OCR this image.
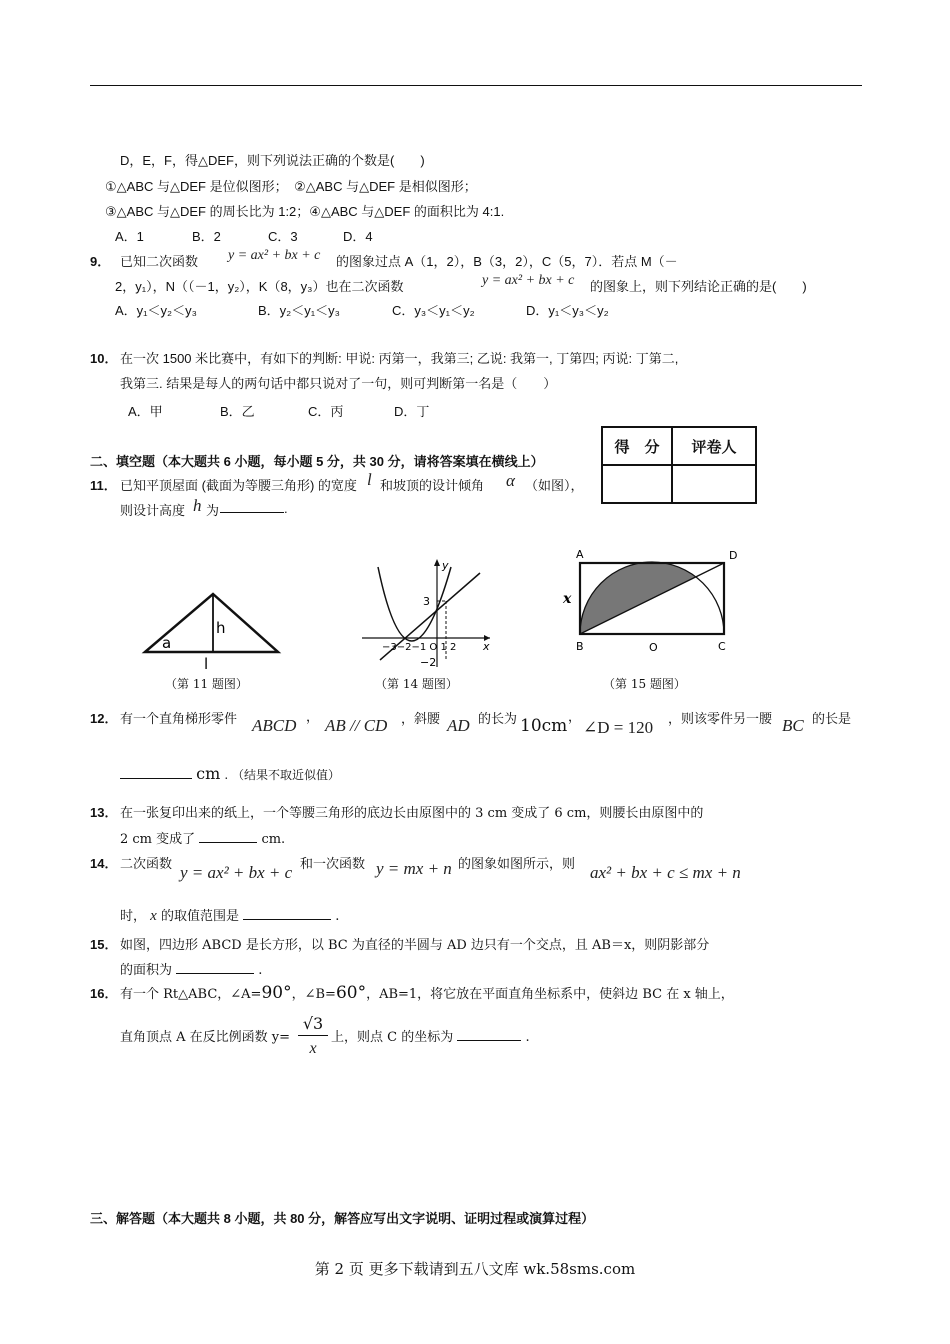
D，E，F，得△DEF，则下列说法正确的个数是(　　)
①△ABC 与△DEF 是位似图形；　②△ABC 与△DEF 是相似图形；
③△ABC 与△DEF 的周长比为 1:2；④△ABC 与△DEF 的面积比为 4:1.
A．1	B．2	C．3	D．4
9． 已知二次函数 y = ax² + bx + c 的图象过点 A（1，2），B（3，2），C（5，7）．若点 M（－
2，y₁），N（（－1，y₂），K（8，y₃）也在二次函数	y = ax² + bx + c 的图象上，则下列结论正确的是(　　)
A．y₁＜y₂＜y₃	B．y₂＜y₁＜y₃	C．y₃＜y₁＜y₂	D．y₁＜y₃＜y₂
10． 在一次 1500 米比赛中，有如下的判断: 甲说: 丙第一，我第三; 乙说: 我第一, 丁第四; 丙说: 丁第二,
我第三. 结果是每人的两句话中都只说对了一句，则可判断第一名是（　　）
A．甲	B．乙	C．丙	D．丁
二、填空题（本大题共 6 小题，每小题 5 分，共 30 分，请将答案填在横线上）
得　分	评卷人

11． 已知平顶屋面 (截面为等腰三角形) 的宽度 l 和坡顶的设计倾角 α （如图），
则设计高度 h 为	.
a
h
l
（第 11 题图）
y
x
3
−2
−3−2−1 O 1 2
（第 14 题图）
A	D
B	O	C
x
（第 15 题图）
12． 有一个直角梯形零件 ABCD ， AB // CD ，斜腰 AD 的长为 10cm ，
∠D = 120 ，则该零件另一腰 BC 的长是
cm . （结果不取近似值）
13． 在一张复印出来的纸上，一个等腰三角形的底边长由原图中的 3 cm 变成了 6 cm，则腰长由原图中的
2 cm 变成了	cm.
14． 二次函数 y = ax² + bx + c 和一次函数 y = mx + n 的图象如图所示，则 ax² + bx + c ≤ mx + n
时， x 的取值范围是	.
15． 如图，四边形 ABCD 是长方形，以 BC 为直径的半圆与 AD 边只有一个交点，且 AB＝x，则阴影部分
的面积为	.
16． 有一个 Rt△ABC，∠A=90°，∠B=60°，AB=1，将它放在平面直角坐标系中，使斜边 BC 在 x 轴上，
直角顶点 A 在反比例函数 $y= \frac{√3}{x}$ 上，则点 C 的坐标为	.
三、解答题（本大题共 8 小题，共 80 分，解答应写出文字说明、证明过程或演算过程）
第 2 页 更多下载请到五八文库 wk.58sms.com
